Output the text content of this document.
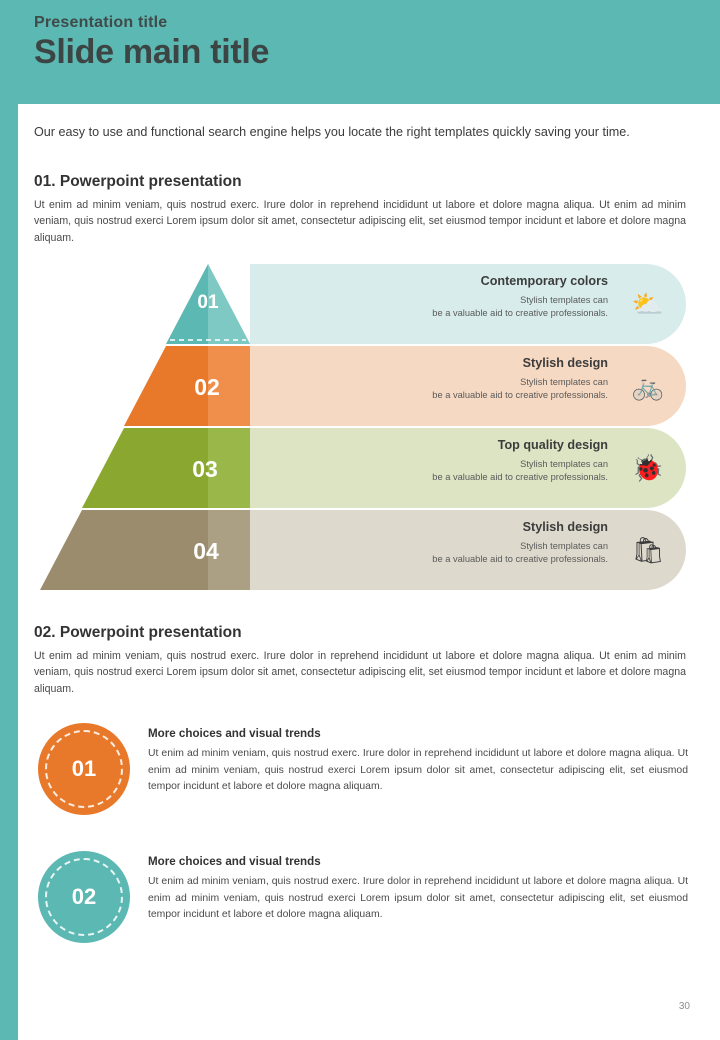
Presentation title
Slide main title
Our easy to use and functional search engine helps you locate the right templates quickly saving your time.
01. Powerpoint presentation
Ut enim ad minim veniam, quis nostrud exerc. Irure dolor in reprehend incididunt ut labore et dolore magna aliqua. Ut enim ad minim veniam, quis nostrud exerci Lorem ipsum dolor sit amet, consectetur adipiscing elit, set eiusmod tempor incidunt et labore et dolore magna aliquam.
01
02
03
04
Contemporary colors
Stylish templates can
be a valuable aid to creative professionals. ⛅
Stylish design
Stylish templates can
be a valuable aid to creative professionals. 🚲
Top quality design
Stylish templates can
be a valuable aid to creative professionals. 🐞
Stylish design
Stylish templates can
be a valuable aid to creative professionals. 🛍
02. Powerpoint presentation
Ut enim ad minim veniam, quis nostrud exerc. Irure dolor in reprehend incididunt ut labore et dolore magna aliqua. Ut enim ad minim veniam, quis nostrud exerci Lorem ipsum dolor sit amet, consectetur adipiscing elit, set eiusmod tempor incidunt et labore et dolore magna aliquam.
01
More choices and visual trends
Ut enim ad minim veniam, quis nostrud exerc. Irure dolor in reprehend incididunt ut labore et dolore magna aliqua. Ut enim ad minim veniam, quis nostrud exerci Lorem ipsum dolor sit amet, consectetur adipiscing elit, set eiusmod tempor incidunt et labore et dolore magna aliquam.
02
More choices and visual trends
Ut enim ad minim veniam, quis nostrud exerc. Irure dolor in reprehend incididunt ut labore et dolore magna aliqua. Ut enim ad minim veniam, quis nostrud exerci Lorem ipsum dolor sit amet, consectetur adipiscing elit, set eiusmod tempor incidunt et labore et dolore magna aliquam.
30
